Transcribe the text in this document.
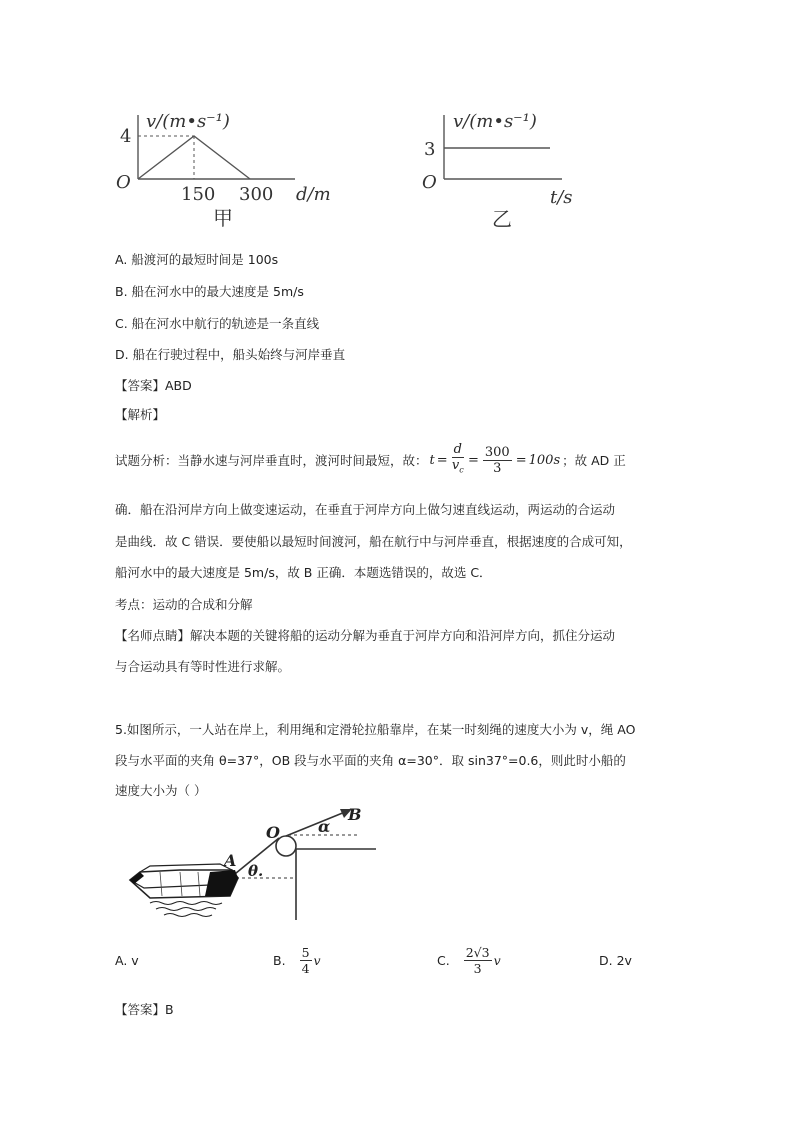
v/(m•s⁻¹)
4
O
150 300 d/m
甲
v/(m•s⁻¹)
3
O
t/s
乙
A. 船渡河的最短时间是 100s
B. 船在河水中的最大速度是 5m/s
C. 船在河水中航行的轨迹是一条直线
D. 船在行驶过程中，船头始终与河岸垂直
【答案】ABD
【解析】
试题分析：当静水速与河岸垂直时，渡河时间最短，故： $t = \frac{d}{v_c} = \frac{300}{3} = 100s$ ；故 AD 正
确．船在沿河岸方向上做变速运动，在垂直于河岸方向上做匀速直线运动，两运动的合运动
是曲线．故 C 错误．要使船以最短时间渡河，船在航行中与河岸垂直，根据速度的合成可知，
船河水中的最大速度是 5m/s，故 B 正确．本题选错误的，故选 C．
考点：运动的合成和分解
【名师点睛】解决本题的关键将船的运动分解为垂直于河岸方向和沿河岸方向，抓住分运动
与合运动具有等时性进行求解。
5.如图所示，一人站在岸上，利用绳和定滑轮拉船靠岸，在某一时刻绳的速度大小为 v，绳 AO
段与水平面的夹角 θ=37°，OB 段与水平面的夹角 α=30°．取 sin37°=0.6，则此时小船的
速度大小为（ ）
O
B
A
α
θ.
A. v	B. $\frac{5}{4}$ v	C. $\frac{2√3}{3}$ v	D. 2v
【答案】B
